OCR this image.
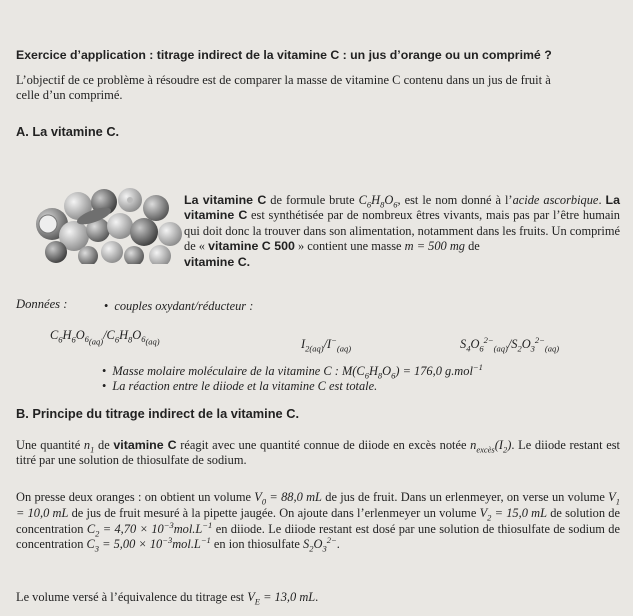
Exercice d’application : titrage indirect de la vitamine C : un jus d’orange ou un comprimé ?
L’objectif de ce problème à résoudre est de comparer la masse de vitamine C contenu dans un jus de fruit à
celle d’un comprimé.
A. La vitamine C.
La vitamine C de formule brute $C_6H_8O_6$, est le nom donné à l’acide ascorbique. La vitamine C est synthétisée par de nombreux êtres vivants, mais pas par l’être humain qui doit donc la trouver dans son alimentation, notamment dans les fruits. Un comprimé de « vitamine C 500 » contient une masse m = 500 mg de
vitamine C.
Données :
•	couples oxydant/réducteur :
$C_6H_6O_{6_{(aq)}}/C_6H_8O_{6_{(aq)}}$	$I_{2(aq)}/I^-_{(aq)}$	$S_4O_6^{2-}_{(aq)}/S_2O_3^{2-}_{(aq)}$
• Masse molaire moléculaire de la vitamine C : $M(C_6H_8O_6) = 176,0$ g.mol$^{-1}$
• La réaction entre le diiode et la vitamine C est totale.
B. Principe du titrage indirect de la vitamine C.
Une quantité $n_1$ de vitamine C réagit avec une quantité connue de diiode en excès notée $n_{excès}(I_2)$. Le diiode restant est titré par une solution de thiosulfate de sodium.
On presse deux oranges : on obtient un volume $V_0 = 88,0$ mL de jus de fruit. Dans un erlenmeyer, on verse un volume $V_1 = 10,0$ mL de jus de fruit mesuré à la pipette jaugée. On ajoute dans l’erlenmeyer un volume $V_2 = 15,0$ mL de solution de concentration $C_2 = 4,70 \times 10^{-3}mol.L^{-1}$ en diiode. Le diiode restant est dosé par une solution de thiosulfate de sodium de concentration $C_3 = 5,00 \times 10^{-3}mol.L^{-1}$ en ion thiosulfate $S_2O_3^{2-}$.
Le volume versé à l’équivalence du titrage est $V_E = 13,0$ mL.
